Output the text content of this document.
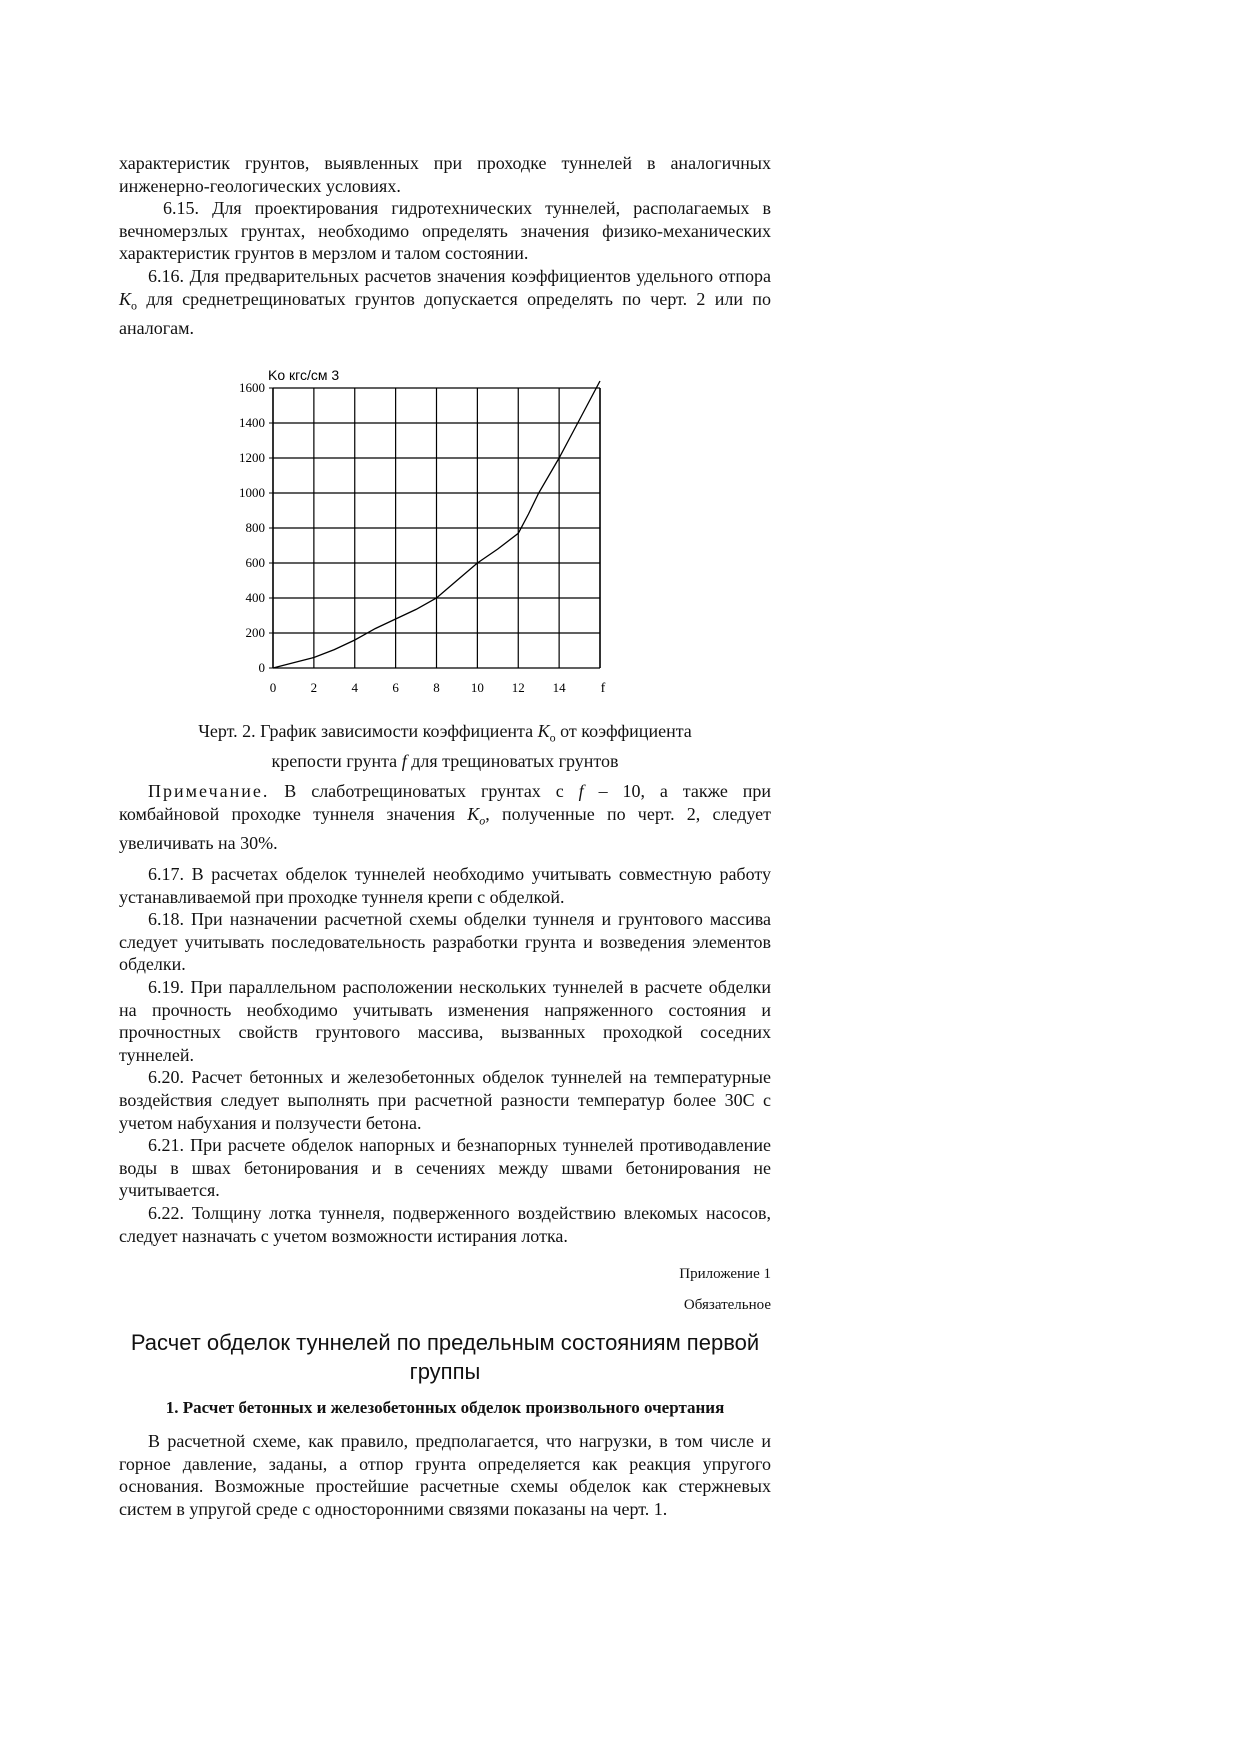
характеристик грунтов, выявленных при проходке туннелей в аналогичных инженерно-геологических условиях.

6.15. Для проектирования гидротехнических туннелей, располагаемых в вечномерзлых грунтах, необходимо определять значения физико-механических характеристик грунтов в мерзлом и талом состоянии.

6.16. Для предварительных расчетов значения коэффициентов удельного отпора $K_о$ для среднетрещиноватых грунтов допускается определять по черт. 2 или по аналогам.

Kо кгс/см 3
0
200
400
600
800
1000
1200
1400
1600
0	2	4	6	8 10 12 14	f
Черт. 2. График зависимости коэффициента $K_о$ от коэффициента
крепости грунта f для трещиноватых грунтов

Примечание. В слаботрещиноватых грунтах с f – 10, а также при комбайновой проходке туннеля значения $K_о$, полученные по черт. 2, следует увеличивать на 30%.

6.17. В расчетах обделок туннелей необходимо учитывать совместную работу устанавливаемой при проходке туннеля крепи с обделкой.

6.18. При назначении расчетной схемы обделки туннеля и грунтового массива следует учитывать последовательность разработки грунта и возведения элементов обделки.

6.19. При параллельном расположении нескольких туннелей в расчете обделки на прочность необходимо учитывать изменения напряженного состояния и прочностных свойств грунтового массива, вызванных проходкой соседних туннелей.

6.20. Расчет бетонных и железобетонных обделок туннелей на температурные воздействия следует выполнять при расчетной разности температур более 30С с учетом набухания и ползучести бетона.

6.21. При расчете обделок напорных и безнапорных туннелей противодавление воды в швах бетонирования и в сечениях между швами бетонирования не учитывается.

6.22. Толщину лотка туннеля, подверженного воздействию влекомых насосов, следует назначать с учетом возможности истирания лотка.

Приложение 1
Обязательное
Расчет обделок туннелей по предельным состояниям первой группы
1. Расчет бетонных и железобетонных обделок произвольного очертания

В расчетной схеме, как правило, предполагается, что нагрузки, в том числе и горное давление, заданы, а отпор грунта определяется как реакция упругого основания. Возможные простейшие расчетные схемы обделок как стержневых систем в упругой среде с односторонними связями показаны на черт. 1.
